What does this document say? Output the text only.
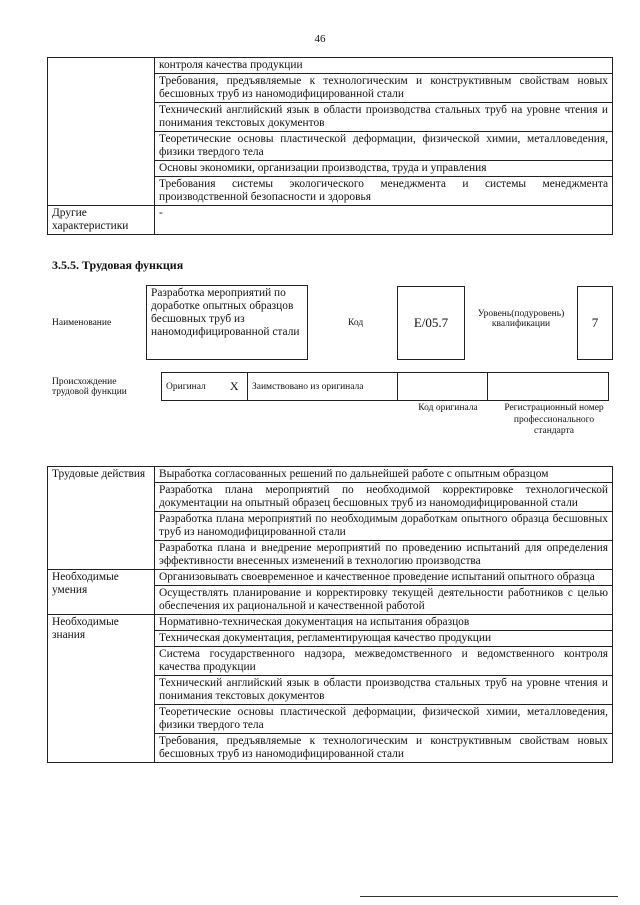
46
	контроля качества продукции
	Требования, предъявляемые к технологическим и конструктивным свойствам новых бесшовных труб из наномодифицированной стали
	Технический английский язык в области производства стальных труб на уровне чтения и понимания текстовых документов
	Теоретические основы пластической деформации, физической химии, металловедения, физики твердого тела
	Основы экономики, организации производства, труда и управления
	Требования системы экологического менеджмента и системы менеджмента производственной безопасности и здоровья
Другие характеристики	-
3.5.5. Трудовая функция
Наименование
Разработка мероприятий по доработке опытных образцов бесшовных труб из наномодифицированной стали
Код	E/05.7
Уровень(подуровень) квалификации	7
Происхождение трудовой функции
Оригинал	X	Заимствовано из оригинала		
Код оригинала	Регистрационный номер профессионального стандарта
Трудовые действия	Выработка согласованных решений по дальнейшей работе с опытным образцом
	Разработка плана мероприятий по необходимой корректировке технологической документации на опытный образец бесшовных труб из наномодифицированной стали
	Разработка плана мероприятий по необходимым доработкам опытного образца бесшовных труб из наномодифицированной стали
	Разработка плана и внедрение мероприятий по проведению испытаний для определения эффективности внесенных изменений в технологию производства
Необходимые умения	Организовывать своевременное и качественное проведение испытаний опытного образца
	Осуществлять планирование и корректировку текущей деятельности работников с целью обеспечения их рациональной и качественной работой
Необходимые знания	Нормативно-техническая документация на испытания образцов
	Техническая документация, регламентирующая качество продукции
	Система государственного надзора, межведомственного и ведомственного контроля качества продукции
	Технический английский язык в области производства стальных труб на уровне чтения и понимания текстовых документов
	Теоретические основы пластической деформации, физической химии, металловедения, физики твердого тела
	Требования, предъявляемые к технологическим и конструктивным свойствам новых бесшовных труб из наномодифицированной стали
